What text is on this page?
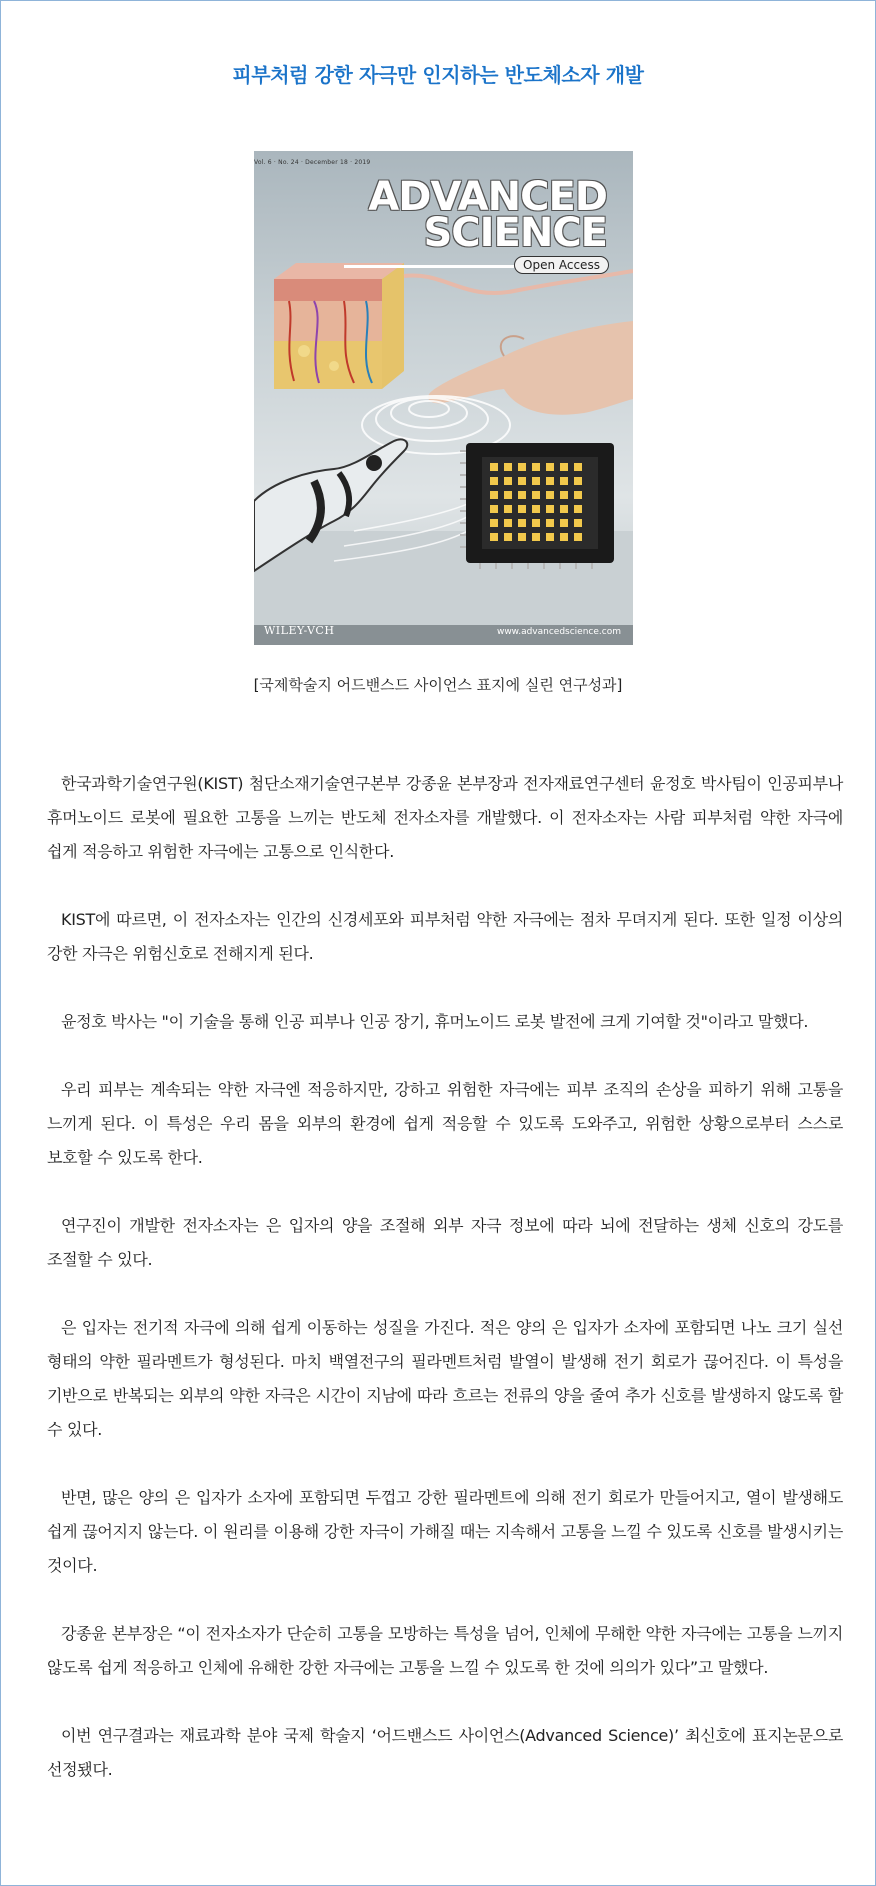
피부처럼 강한 자극만 인지하는 반도체소자 개발
Vol. 6 · No. 24 · December 18 · 2019
ADVANCED
SCIENCE
Open Access
WILEY-VCH	www.advancedscience.com
[국제학술지 어드밴스드 사이언스 표지에 실린 연구성과]

한국과학기술연구원(KIST) 첨단소재기술연구본부 강종윤 본부장과 전자재료연구센터 윤정호 박사팀이 인공피부나 휴머노이드 로봇에 필요한 고통을 느끼는 반도체 전자소자를 개발했다. 이 전자소자는 사람 피부처럼 약한 자극에 쉽게 적응하고 위험한 자극에는 고통으로 인식한다.

KIST에 따르면, 이 전자소자는 인간의 신경세포와 피부처럼 약한 자극에는 점차 무뎌지게 된다. 또한 일정 이상의 강한 자극은 위험신호로 전해지게 된다.

윤정호 박사는 "이 기술을 통해 인공 피부나 인공 장기, 휴머노이드 로봇 발전에 크게 기여할 것"이라고 말했다.

우리 피부는 계속되는 약한 자극엔 적응하지만, 강하고 위험한 자극에는 피부 조직의 손상을 피하기 위해 고통을 느끼게 된다. 이 특성은 우리 몸을 외부의 환경에 쉽게 적응할 수 있도록 도와주고, 위험한 상황으로부터 스스로 보호할 수 있도록 한다.

연구진이 개발한 전자소자는 은 입자의 양을 조절해 외부 자극 정보에 따라 뇌에 전달하는 생체 신호의 강도를 조절할 수 있다.

은 입자는 전기적 자극에 의해 쉽게 이동하는 성질을 가진다. 적은 양의 은 입자가 소자에 포함되면 나노 크기 실선 형태의 약한 필라멘트가 형성된다. 마치 백열전구의 필라멘트처럼 발열이 발생해 전기 회로가 끊어진다. 이 특성을 기반으로 반복되는 외부의 약한 자극은 시간이 지남에 따라 흐르는 전류의 양을 줄여 추가 신호를 발생하지 않도록 할 수 있다.

반면, 많은 양의 은 입자가 소자에 포함되면 두껍고 강한 필라멘트에 의해 전기 회로가 만들어지고, 열이 발생해도 쉽게 끊어지지 않는다. 이 원리를 이용해 강한 자극이 가해질 때는 지속해서 고통을 느낄 수 있도록 신호를 발생시키는 것이다.

강종윤 본부장은 “이 전자소자가 단순히 고통을 모방하는 특성을 넘어, 인체에 무해한 약한 자극에는 고통을 느끼지 않도록 쉽게 적응하고 인체에 유해한 강한 자극에는 고통을 느낄 수 있도록 한 것에 의의가 있다”고 말했다.

이번 연구결과는 재료과학 분야 국제 학술지 ‘어드밴스드 사이언스(Advanced Science)’ 최신호에 표지논문으로 선정됐다.
